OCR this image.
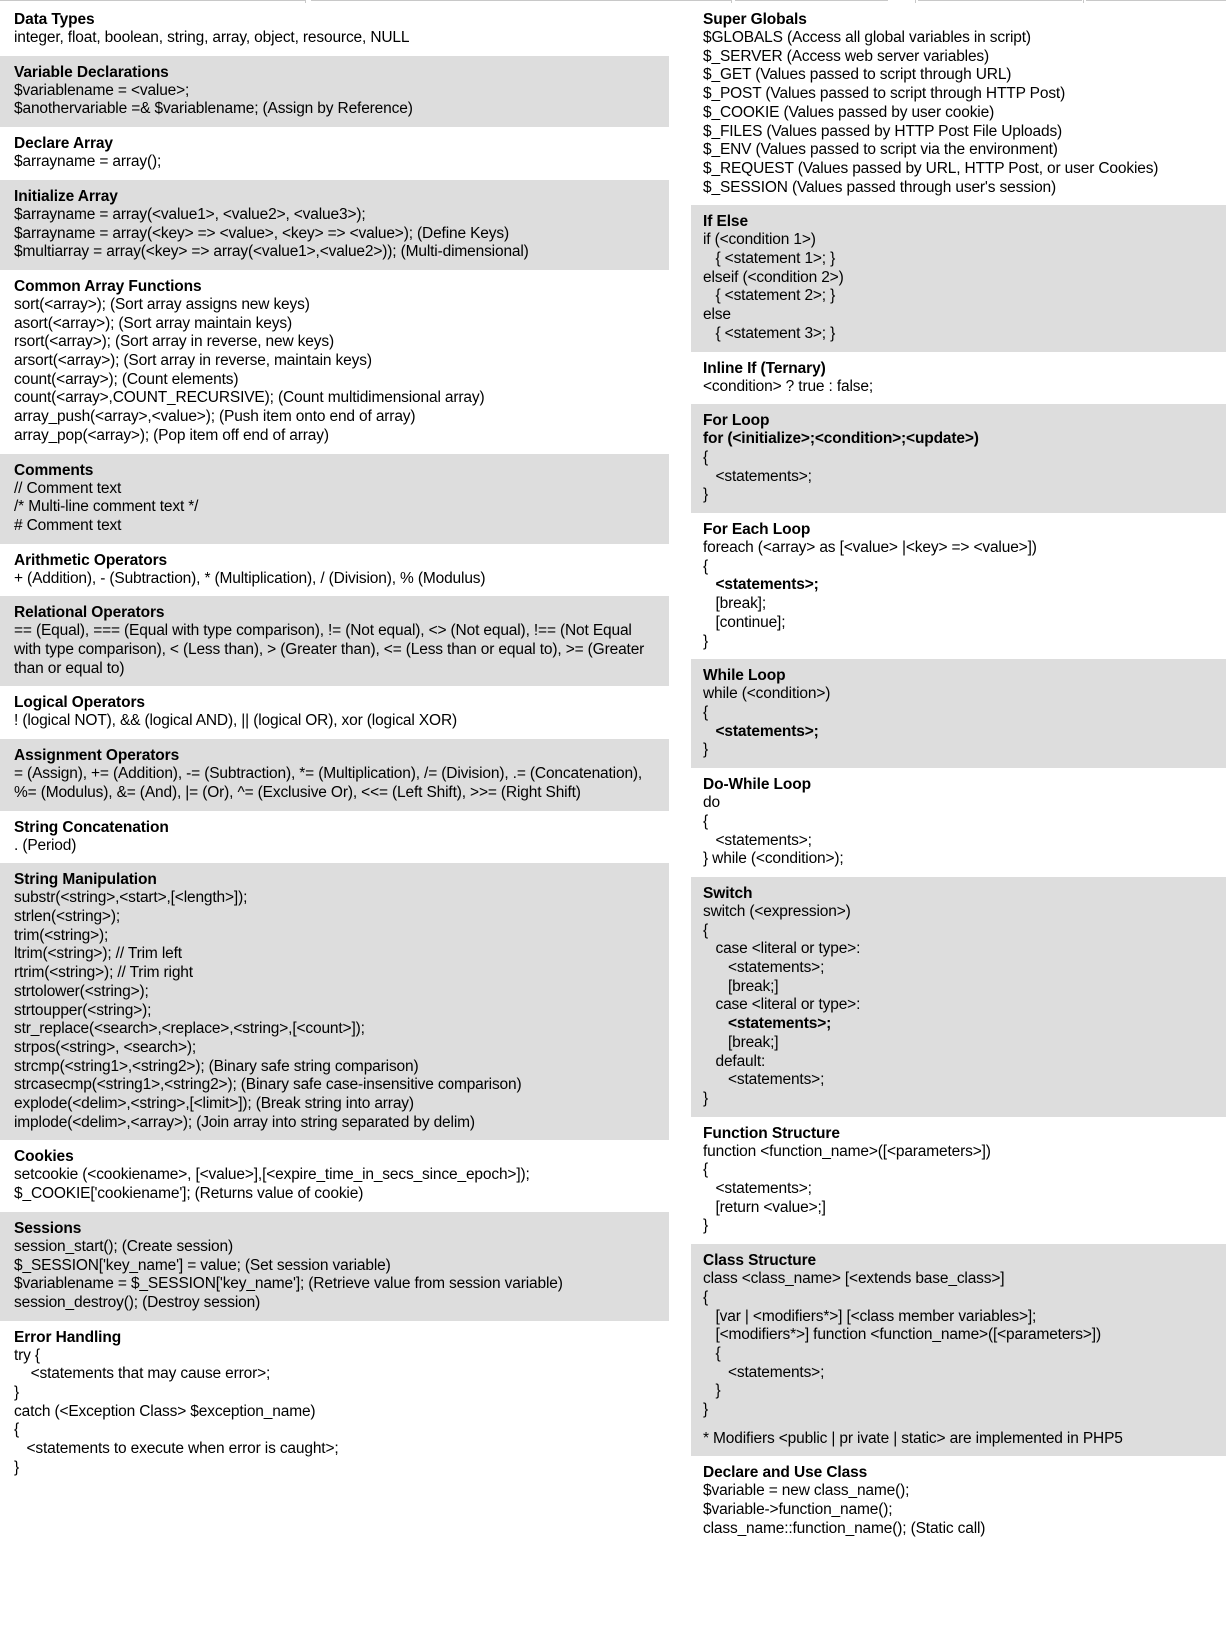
Data Types
integer, float, boolean, string, array, object, resource, NULL
Variable Declarations
$variablename = <value>;
$anothervariable =& $variablename; (Assign by Reference)
Declare Array
$arrayname = array();
Initialize Array
$arrayname = array(<value1>, <value2>, <value3>);
$arrayname = array(<key> => <value>, <key> => <value>); (Define Keys)
$multiarray = array(<key> => array(<value1>,<value2>)); (Multi-dimensional)
Common Array Functions
sort(<array>); (Sort array assigns new keys)
asort(<array>); (Sort array maintain keys)
rsort(<array>); (Sort array in reverse, new keys)
arsort(<array>); (Sort array in reverse, maintain keys)
count(<array>); (Count elements)
count(<array>,COUNT_RECURSIVE); (Count multidimensional array)
array_push(<array>,<value>); (Push item onto end of array)
array_pop(<array>); (Pop item off end of array)
Comments
// Comment text
/* Multi-line comment text */
# Comment text
Arithmetic Operators
+ (Addition), - (Subtraction), * (Multiplication), / (Division), % (Modulus)
Relational Operators
== (Equal), === (Equal with type comparison), != (Not equal), <> (Not equal), !== (Not Equal with type comparison), < (Less than), > (Greater than), <= (Less than or equal to), >= (Greater than or equal to)
Logical Operators
! (logical NOT), && (logical AND), || (logical OR), xor (logical XOR)
Assignment Operators
= (Assign), += (Addition), -= (Subtraction), *= (Multiplication), /= (Division), .= (Concatenation), %= (Modulus), &= (And), |= (Or), ^= (Exclusive Or), <<= (Left Shift), >>= (Right Shift)
String Concatenation
. (Period)
String Manipulation
substr(<string>,<start>,[<length>]);
strlen(<string>);
trim(<string>);
ltrim(<string>); // Trim left
rtrim(<string>); // Trim right
strtolower(<string>);
strtoupper(<string>);
str_replace(<search>,<replace>,<string>,[<count>]);
strpos(<string>, <search>);
strcmp(<string1>,<string2>); (Binary safe string comparison)
strcasecmp(<string1>,<string2>); (Binary safe case-insensitive comparison)
explode(<delim>,<string>,[<limit>]); (Break string into array)
implode(<delim>,<array>); (Join array into string separated by delim)
Cookies
setcookie (<cookiename>, [<value>],[<expire_time_in_secs_since_epoch>]);
$_COOKIE['cookiename']; (Returns value of cookie)
Sessions
session_start(); (Create session)
$_SESSION['key_name'] = value; (Set session variable)
$variablename = $_SESSION['key_name']; (Retrieve value from session variable)
session_destroy(); (Destroy session)
Error Handling
try {
<statements that may cause error>;
}
catch (<Exception Class> $exception_name)
{
<statements to execute when error is caught>;
}
Super Globals
$GLOBALS (Access all global variables in script)
$_SERVER (Access web server variables)
$_GET (Values passed to script through URL)
$_POST (Values passed to script through HTTP Post)
$_COOKIE (Values passed by user cookie)
$_FILES (Values passed by HTTP Post File Uploads)
$_ENV (Values passed to script via the environment)
$_REQUEST (Values passed by URL, HTTP Post, or user Cookies)
$_SESSION (Values passed through user's session)
If Else
if (<condition 1>)
{ <statement 1>; }
elseif (<condition 2>)
{ <statement 2>; }
else
{ <statement 3>; }
Inline If (Ternary)
<condition> ? true : false;
For Loop
for (<initialize>;<condition>;<update>)
{
<statements>;
}
For Each Loop
foreach (<array> as [<value> |<key> => <value>])
{
<statements>;
[break];
[continue];
}
While Loop
while (<condition>)
{
<statements>;
}
Do-While Loop
do
{
<statements>;
} while (<condition>);
Switch
switch (<expression>)
{
case <literal or type>:
<statements>;
[break;]
case <literal or type>:
<statements>;
[break;]
default:
<statements>;
}
Function Structure
function <function_name>([<parameters>])
{
<statements>;
[return <value>;]
}
Class Structure
class <class_name> [<extends base_class>]
{
[var | <modifiers*>] [<class member variables>];
[<modifiers*>] function <function_name>([<parameters>])
{
<statements>;
}
}
* Modifiers <public | pr ivate | static> are implemented in PHP5
Declare and Use Class
$variable = new class_name();
$variable->function_name();
class_name::function_name(); (Static call)
